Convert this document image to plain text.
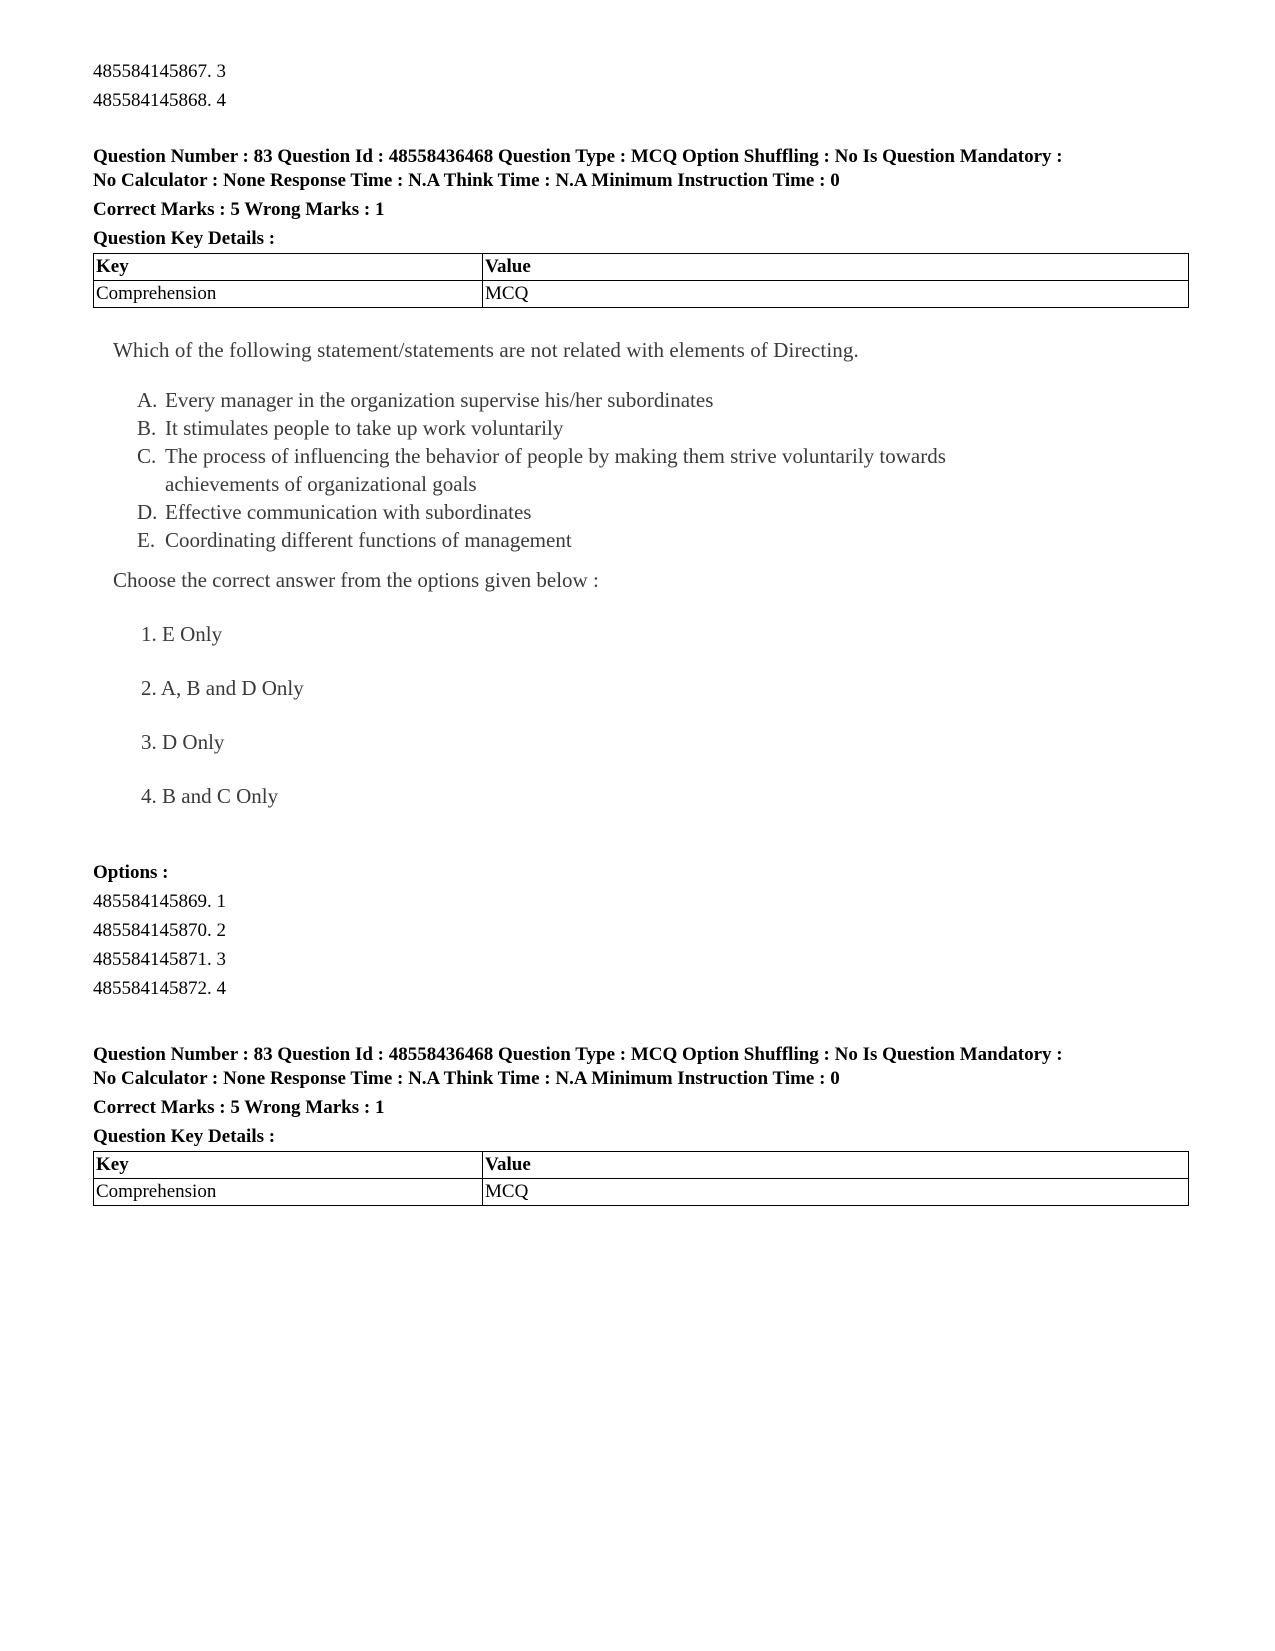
485584145867. 3
485584145868. 4
Question Number : 83 Question Id : 48558436468 Question Type : MCQ Option Shuffling : No Is Question Mandatory :
No Calculator : None Response Time : N.A Think Time : N.A Minimum Instruction Time : 0
Correct Marks : 5 Wrong Marks : 1
Question Key Details :
Key	Value
Comprehension	MCQ
Which of the following statement/statements are not related with elements of Directing.
A. Every manager in the organization supervise his/her subordinates
B. It stimulates people to take up work voluntarily
C. The process of influencing the behavior of people by making them strive voluntarily towards
achievements of organizational goals
D. Effective communication with subordinates
E. Coordinating different functions of management
Choose the correct answer from the options given below :
1. E Only
2. A, B and D Only
3. D Only
4. B and C Only
Options :
485584145869. 1
485584145870. 2
485584145871. 3
485584145872. 4
Question Number : 83 Question Id : 48558436468 Question Type : MCQ Option Shuffling : No Is Question Mandatory :
No Calculator : None Response Time : N.A Think Time : N.A Minimum Instruction Time : 0
Correct Marks : 5 Wrong Marks : 1
Question Key Details :
Key	Value
Comprehension	MCQ
